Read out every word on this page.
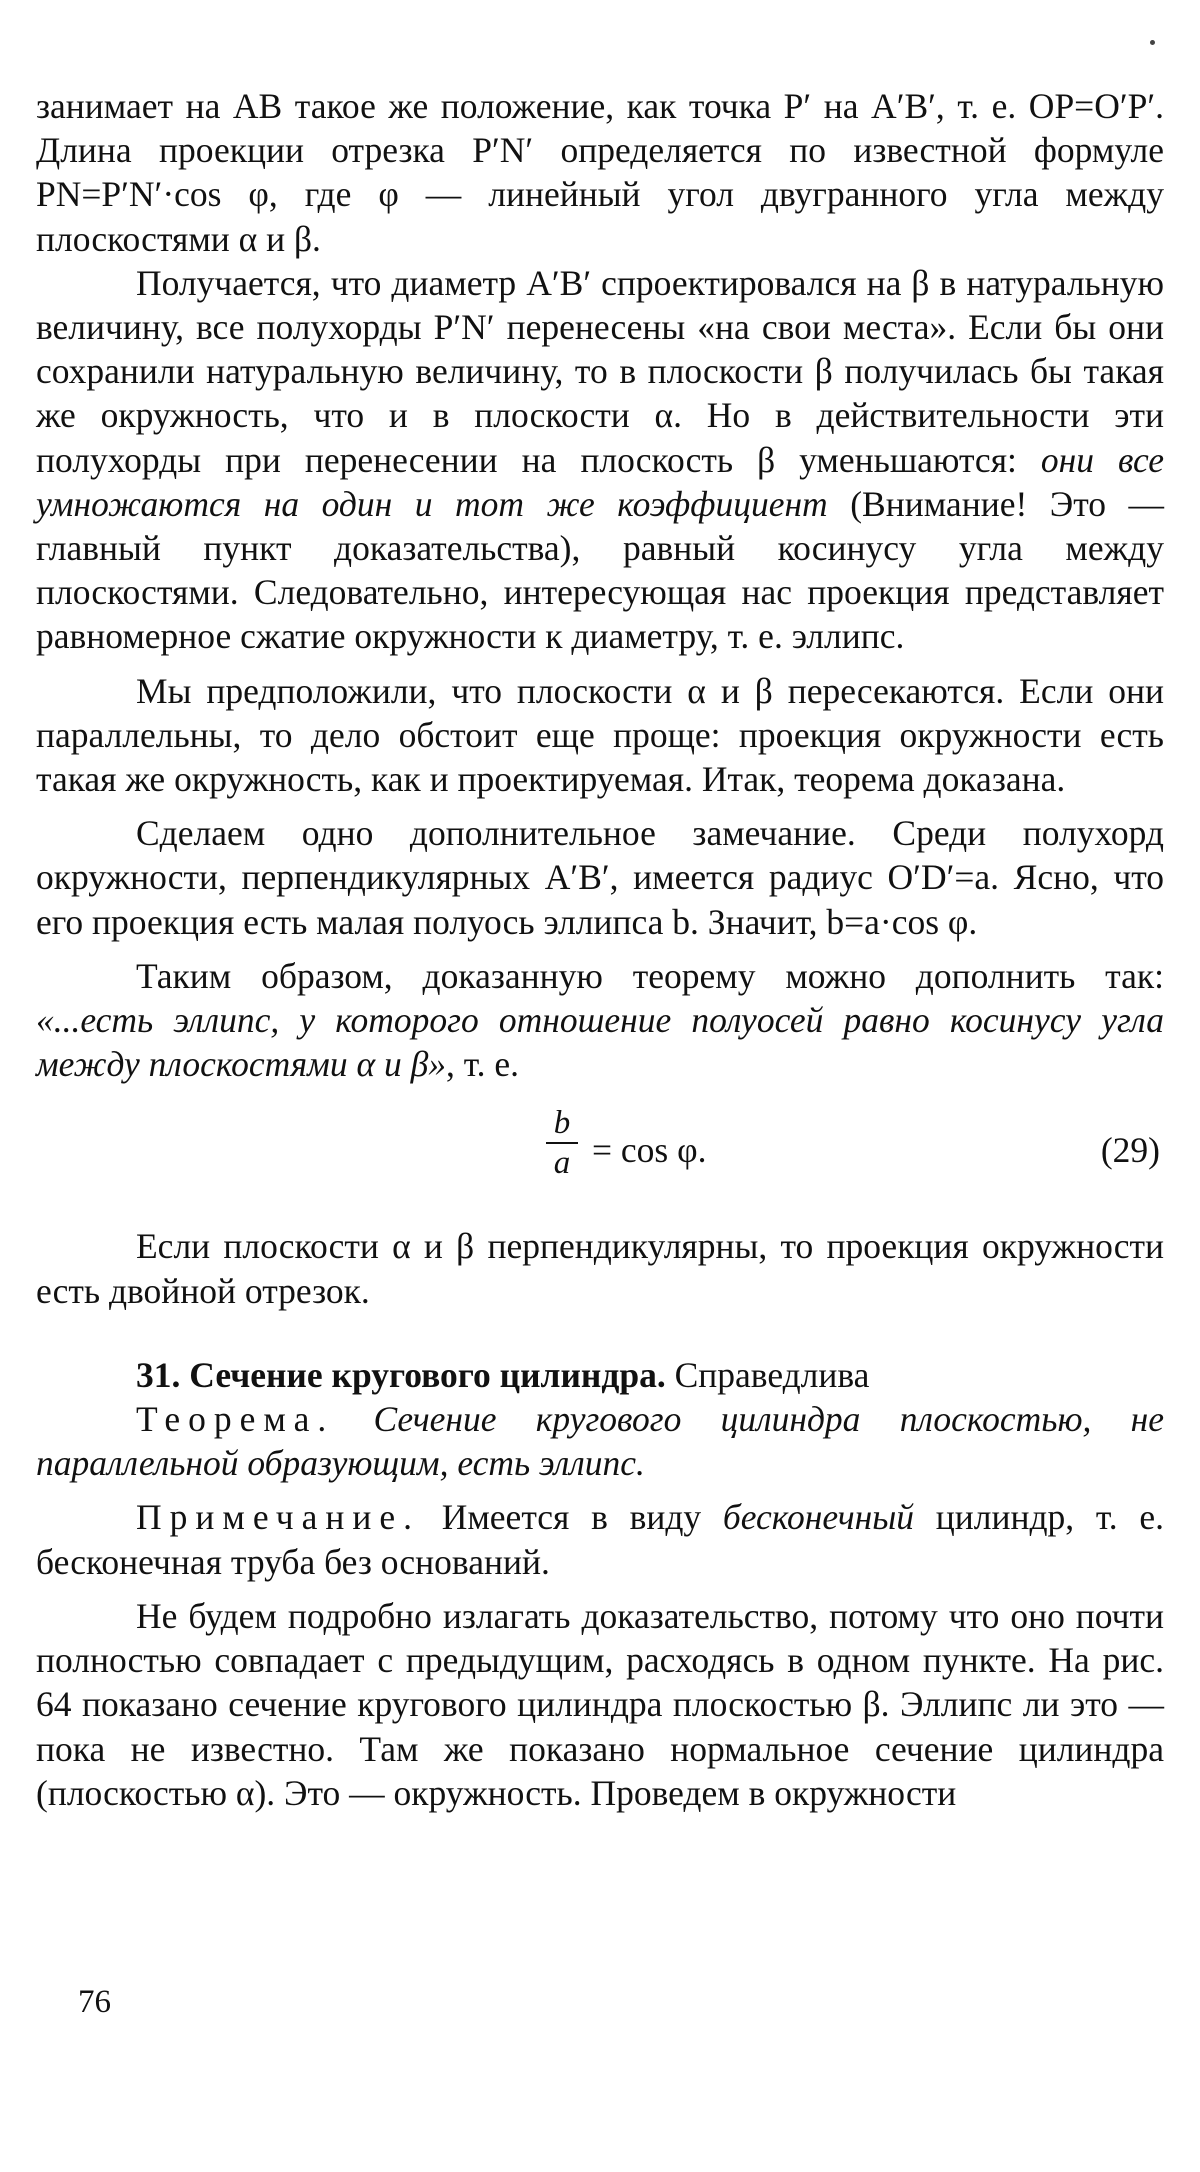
занимает на AB такое же положение, как точка P′ на A′B′, т. е. OP=O′P′. Длина проекции отрезка P′N′ определяется по известной формуле PN=P′N′·cos φ, где φ — линейный угол двугранного угла между плоскостями α и β.

Получается, что диаметр A′B′ спроектировался на β в натуральную величину, все полухорды P′N′ перенесены «на свои места». Если бы они сохранили натуральную величину, то в плоскости β получилась бы такая же окружность, что и в плоскости α. Но в действительности эти полухорды при перенесении на плоскость β уменьшаются: они все умножаются на один и тот же коэффициент (Внимание! Это — главный пункт доказательства), равный косинусу угла между плоскостями. Следовательно, интересующая нас проекция представляет равномерное сжатие окружности к диаметру, т. е. эллипс.

Мы предположили, что плоскости α и β пересекаются. Если они параллельны, то дело обстоит еще проще: проекция окружности есть такая же окружность, как и проектируемая. Итак, теорема доказана.

Сделаем одно дополнительное замечание. Среди полухорд окружности, перпендикулярных A′B′, имеется радиус O′D′=a. Ясно, что его проекция есть малая полуось эллипса b. Значит, b=a·cos φ.

Таким образом, доказанную теорему можно дополнить так: «...есть эллипс, у которого отношение полуосей равно косинусу угла между плоскостями α и β», т. е.

b
a = cos φ.	(29)

Если плоскости α и β перпендикулярны, то проекция окружности есть двойной отрезок.

31. Сечение кругового цилиндра. Справедлива

Теорема. Сечение кругового цилиндра плоскостью, не параллельной образующим, есть эллипс.

Примечание. Имеется в виду бесконечный цилиндр, т. е. бесконечная труба без оснований.

Не будем подробно излагать доказательство, потому что оно почти полностью совпадает с предыдущим, расходясь в одном пункте. На рис. 64 показано сечение кругового цилиндра плоскостью β. Эллипс ли это — пока не известно. Там же показано нормальное сечение цилиндра (плоскостью α). Это — окружность. Проведем в окружности

76
